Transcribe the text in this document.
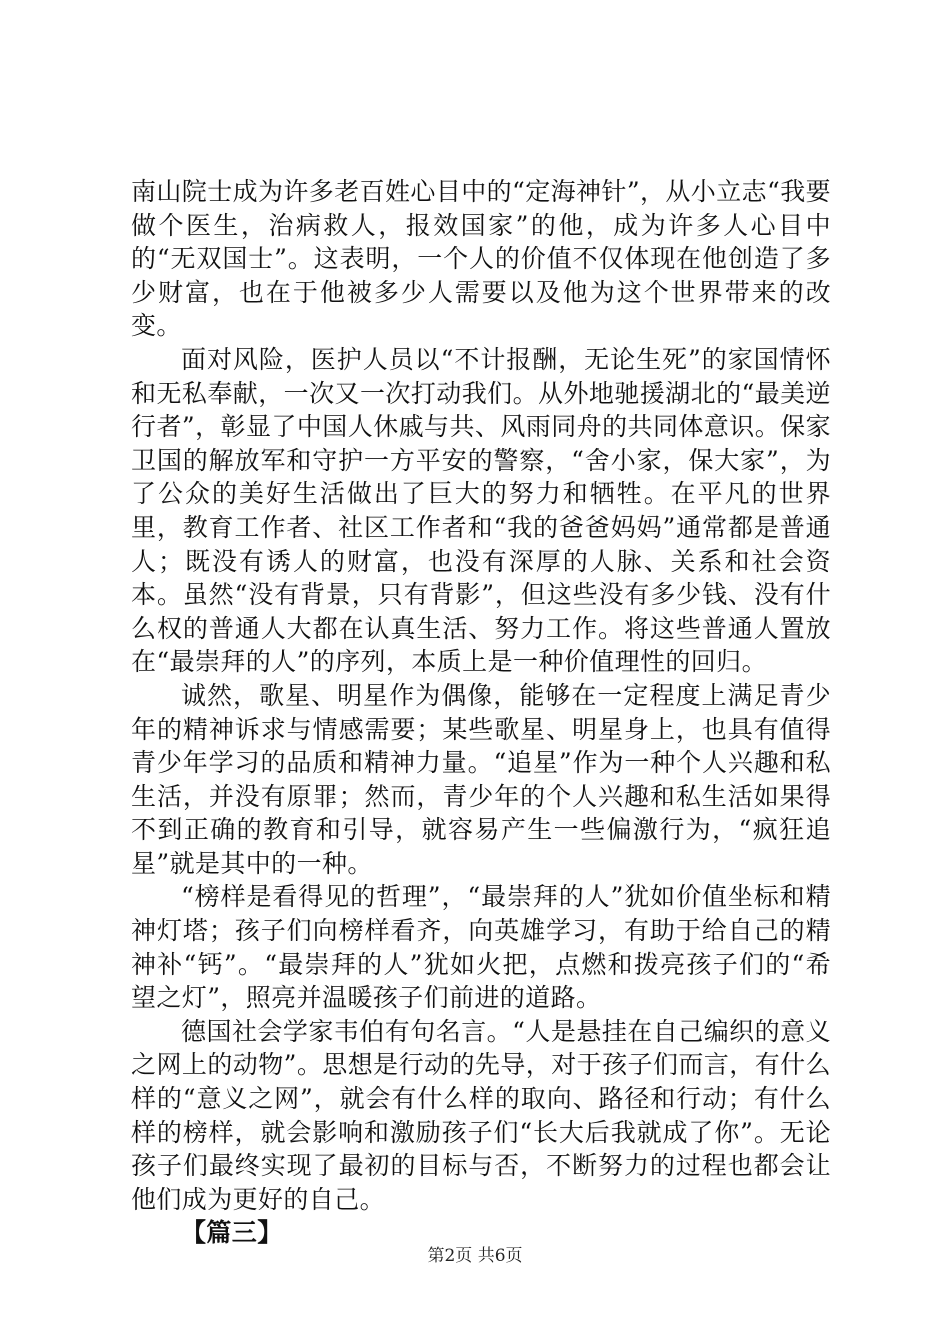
南山院士成为许多老百姓心目中的“定海神针”，从小立志“我要做个医生，治病救人，报效国家”的他，成为许多人心目中的“无双国士”。这表明，一个人的价值不仅体现在他创造了多少财富，也在于他被多少人需要以及他为这个世界带来的改变。

面对风险，医护人员以“不计报酬，无论生死”的家国情怀和无私奉献，一次又一次打动我们。从外地驰援湖北的“最美逆行者”，彰显了中国人休戚与共、风雨同舟的共同体意识。保家卫国的解放军和守护一方平安的警察，“舍小家，保大家”，为了公众的美好生活做出了巨大的努力和牺牲。在平凡的世界里，教育工作者、社区工作者和“我的爸爸妈妈”通常都是普通人；既没有诱人的财富，也没有深厚的人脉、关系和社会资本。虽然“没有背景，只有背影”，但这些没有多少钱、没有什么权的普通人大都在认真生活、努力工作。将这些普通人置放在“最崇拜的人”的序列，本质上是一种价值理性的回归。

诚然，歌星、明星作为偶像，能够在一定程度上满足青少年的精神诉求与情感需要；某些歌星、明星身上，也具有值得青少年学习的品质和精神力量。“追星”作为一种个人兴趣和私生活，并没有原罪；然而，青少年的个人兴趣和私生活如果得不到正确的教育和引导，就容易产生一些偏激行为，“疯狂追星”就是其中的一种。

“榜样是看得见的哲理”，“最崇拜的人”犹如价值坐标和精神灯塔；孩子们向榜样看齐，向英雄学习，有助于给自己的精神补“钙”。“最崇拜的人”犹如火把，点燃和拨亮孩子们的“希望之灯”，照亮并温暖孩子们前进的道路。

德国社会学家韦伯有句名言。“人是悬挂在自己编织的意义之网上的动物”。思想是行动的先导，对于孩子们而言，有什么样的“意义之网”，就会有什么样的取向、路径和行动；有什么样的榜样，就会影响和激励孩子们“长大后我就成了你”。无论孩子们最终实现了最初的目标与否，不断努力的过程也都会让他们成为更好的自己。

【篇三】

第2页 共6页
